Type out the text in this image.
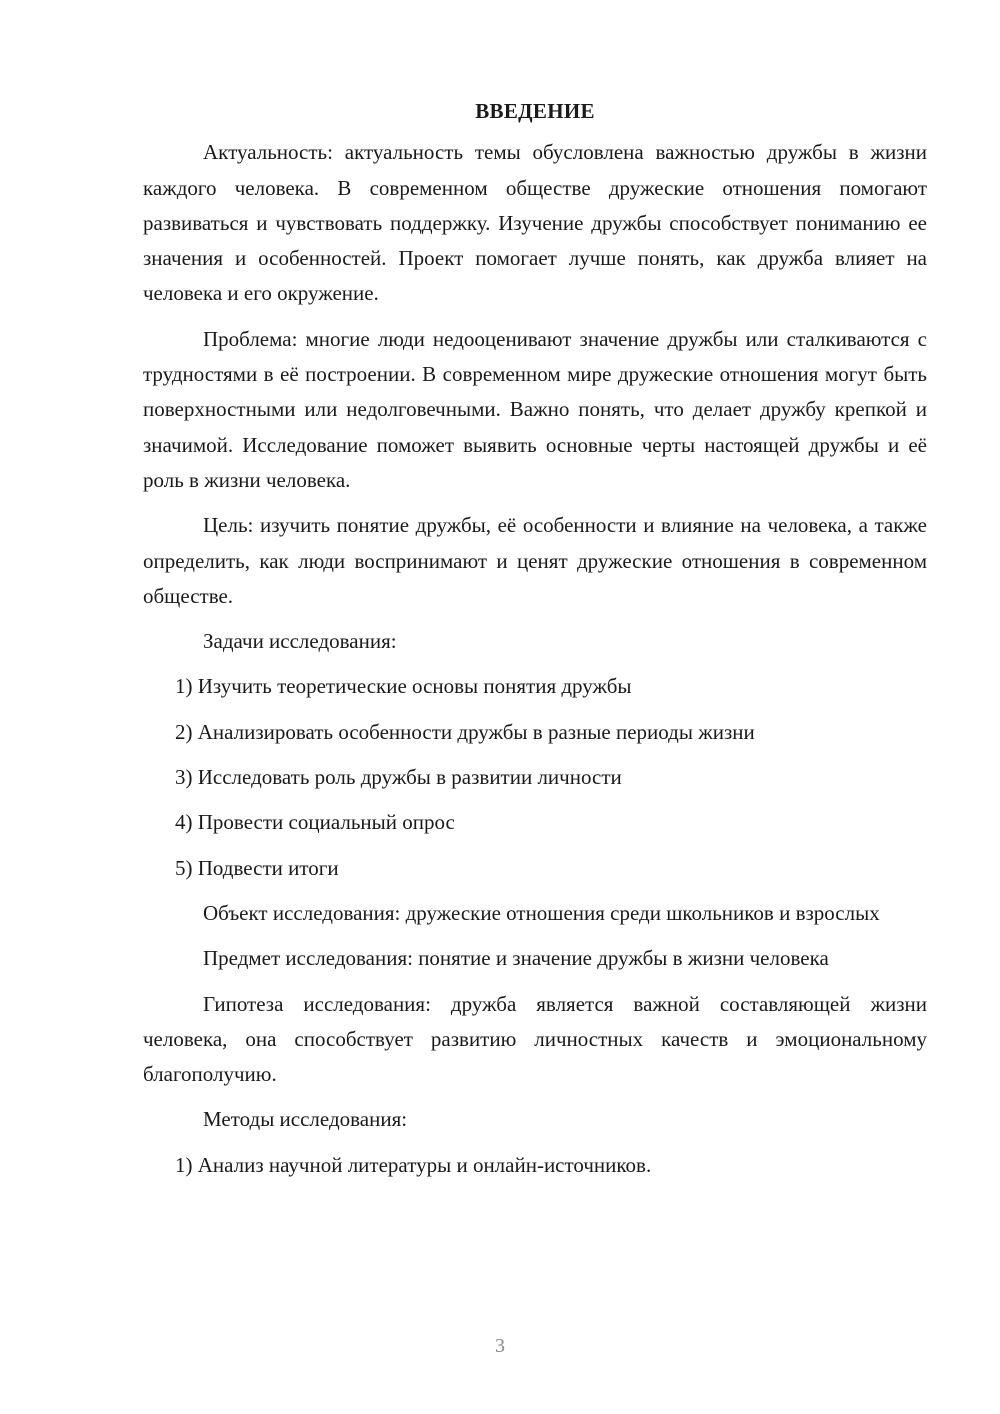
ВВЕДЕНИЕ

Актуальность: актуальность темы обусловлена важностью дружбы в жизни каждого человека. В современном обществе дружеские отношения помогают развиваться и чувствовать поддержку. Изучение дружбы способствует пониманию ее значения и особенностей. Проект помогает лучше понять, как дружба влияет на человека и его окружение.

Проблема: многие люди недооценивают значение дружбы или сталкиваются с трудностями в её построении. В современном мире дружеские отношения могут быть поверхностными или недолговечными. Важно понять, что делает дружбу крепкой и значимой. Исследование поможет выявить основные черты настоящей дружбы и её роль в жизни человека.

Цель: изучить понятие дружбы, её особенности и влияние на человека, а также определить, как люди воспринимают и ценят дружеские отношения в современном обществе.

Задачи исследования:

1) Изучить теоретические основы понятия дружбы
2) Анализировать особенности дружбы в разные периоды жизни
3) Исследовать роль дружбы в развитии личности
4) Провести социальный опрос
5) Подвести итоги

Объект исследования: дружеские отношения среди школьников и взрослых

Предмет исследования: понятие и значение дружбы в жизни человека

Гипотеза исследования: дружба является важной составляющей жизни человека, она способствует развитию личностных качеств и эмоциональному благополучию.

Методы исследования:

1) Анализ научной литературы и онлайн-источников.
3
